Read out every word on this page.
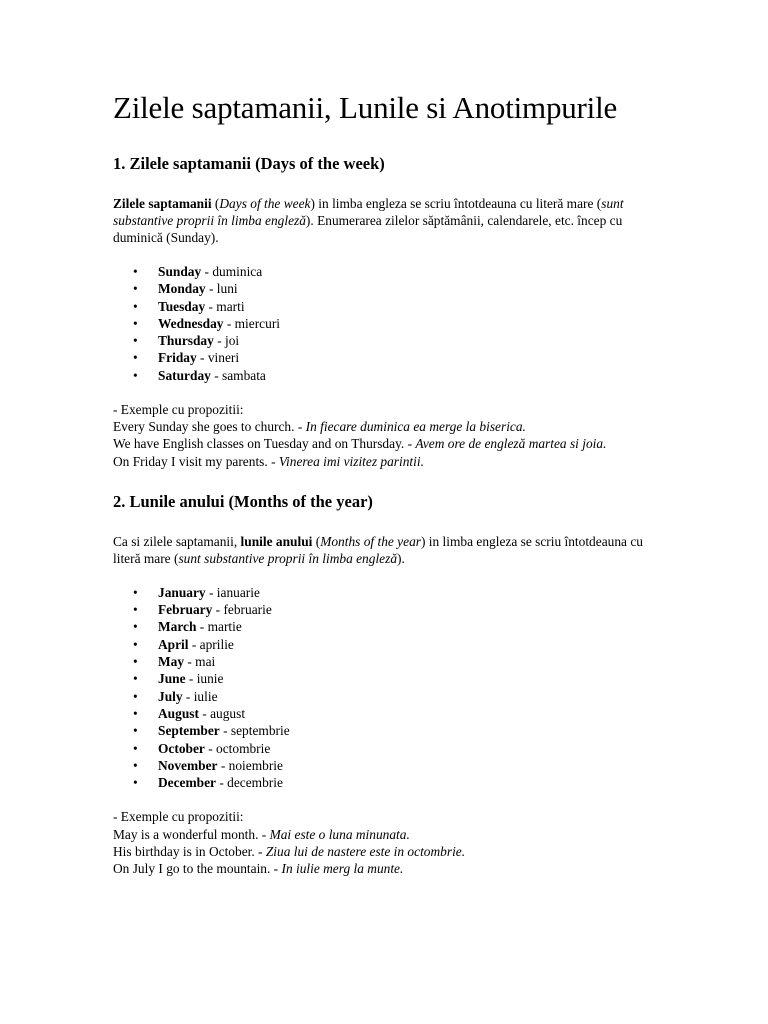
Zilele saptamanii, Lunile si Anotimpurile
1. Zilele saptamanii (Days of the week)

Zilele saptamanii (Days of the week) in limba engleza se scriu întotdeauna cu literă mare (sunt substantive proprii în limba engleză). Enumerarea zilelor săptămânii, calendarele, etc. încep cu duminică (Sunday).

• Sunday - duminica
• Monday - luni
• Tuesday - marti
• Wednesday - miercuri
• Thursday - joi
• Friday - vineri
• Saturday - sambata
- Exemple cu propozitii:
Every Sunday she goes to church. - In fiecare duminica ea merge la biserica.
We have English classes on Tuesday and on Thursday. - Avem ore de engleză martea si joia.
On Friday I visit my parents. - Vinerea imi vizitez parintii.
2. Lunile anului (Months of the year)

Ca si zilele saptamanii, lunile anului (Months of the year) in limba engleza se scriu întotdeauna cu literă mare (sunt substantive proprii în limba engleză).

• January - ianuarie
• February - februarie
• March - martie
• April - aprilie
• May - mai
• June - iunie
• July - iulie
• August - august
• September - septembrie
• October - octombrie
• November - noiembrie
• December - decembrie
- Exemple cu propozitii:
May is a wonderful month. - Mai este o luna minunata.
His birthday is in October. - Ziua lui de nastere este in octombrie.
On July I go to the mountain. - In iulie merg la munte.
